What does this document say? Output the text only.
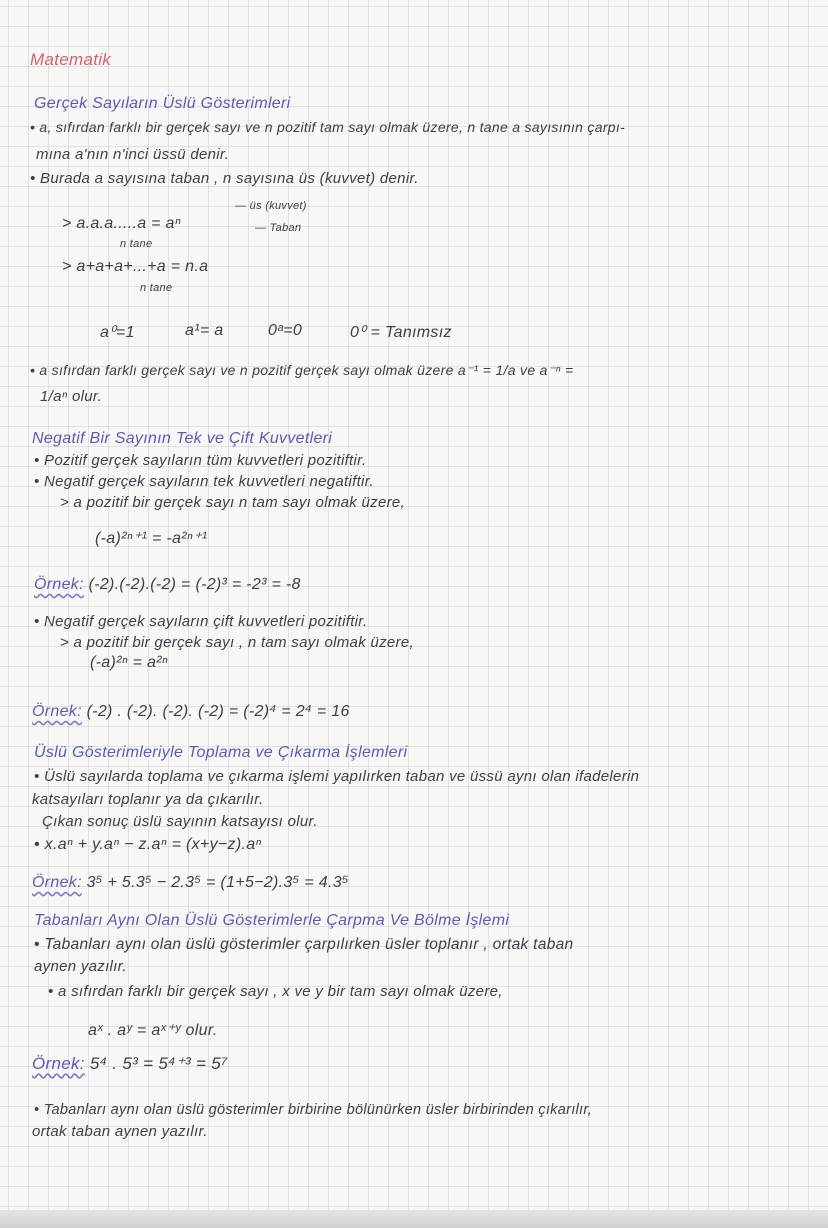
Matematik
Gerçek Sayıların Üslü Gösterimleri
• a, sıfırdan farklı bir gerçek sayı ve n pozitif tam sayı olmak üzere, n tane a sayısının çarpı-
mına a'nın n'inci üssü denir.
• Burada a sayısına taban , n sayısına üs (kuvvet) denir.
— üs (kuvvet)
> a.a.a.....a = aⁿ	— Taban
n tane
> a+a+a+...+a = n.a
n tane
a⁰=1	a¹= a	0ᵃ=0	0⁰ = Tanımsız
• a sıfırdan farklı gerçek sayı ve n pozitif gerçek sayı olmak üzere a⁻¹ = 1/a ve a⁻ⁿ =
1/aⁿ olur.
Negatif Bir Sayının Tek ve Çift Kuvvetleri
• Pozitif gerçek sayıların tüm kuvvetleri pozitiftir.
• Negatif gerçek sayıların tek kuvvetleri negatiftir.
> a pozitif bir gerçek sayı n tam sayı olmak üzere,
(-a)²ⁿ⁺¹ = -a²ⁿ⁺¹
Örnek: (-2).(-2).(-2) = (-2)³ = -2³ = -8
• Negatif gerçek sayıların çift kuvvetleri pozitiftir.
> a pozitif bir gerçek sayı , n tam sayı olmak üzere,
(-a)²ⁿ = a²ⁿ
Örnek: (-2) . (-2). (-2). (-2) = (-2)⁴ = 2⁴ = 16
Üslü Gösterimleriyle Toplama ve Çıkarma İşlemleri
• Üslü sayılarda toplama ve çıkarma işlemi yapılırken taban ve üssü aynı olan ifadelerin
katsayıları toplanır ya da çıkarılır.
Çıkan sonuç üslü sayının katsayısı olur.
• x.aⁿ + y.aⁿ − z.aⁿ = (x+y−z).aⁿ
Örnek: 3⁵ + 5.3⁵ − 2.3⁵ = (1+5−2).3⁵ = 4.3⁵
Tabanları Aynı Olan Üslü Gösterimlerle Çarpma Ve Bölme İşlemi
• Tabanları aynı olan üslü gösterimler çarpılırken üsler toplanır , ortak taban
aynen yazılır.
• a sıfırdan farklı bir gerçek sayı , x ve y bir tam sayı olmak üzere,
aˣ . aʸ = aˣ⁺ʸ olur.
Örnek: 5⁴ . 5³ = 5⁴⁺³ = 5⁷
• Tabanları aynı olan üslü gösterimler birbirine bölünürken üsler birbirinden çıkarılır,
ortak taban aynen yazılır.
